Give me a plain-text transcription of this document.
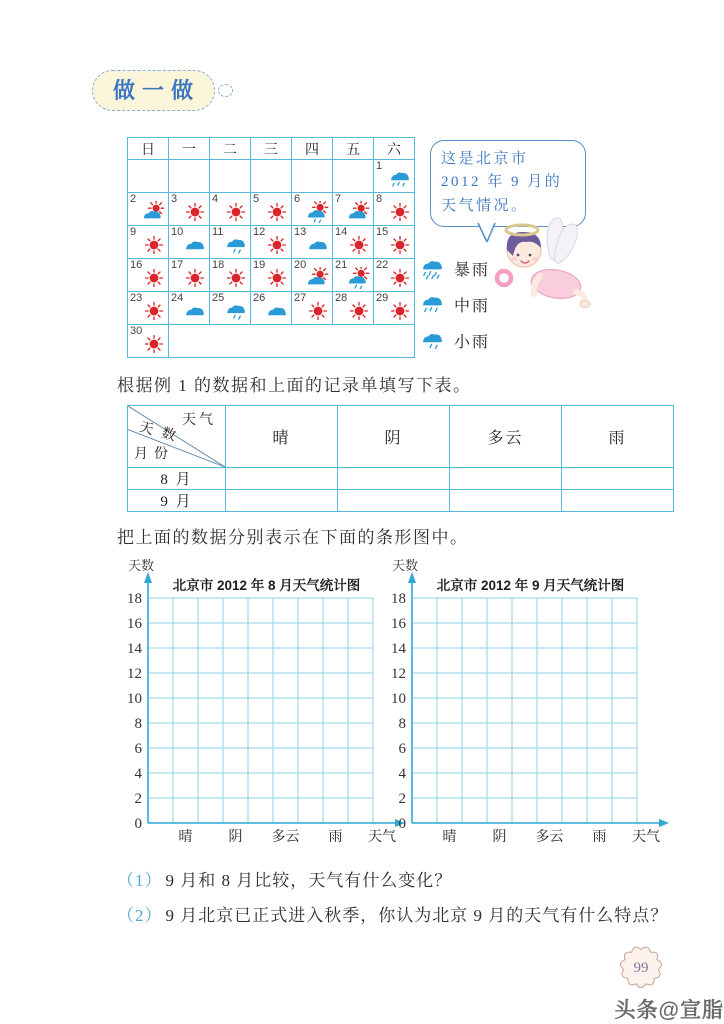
做一做
日	一	二	三	四	五	六

						1

2	3	4	5	6	7	8

9	10	11	12	13	14	15

16	17	18	19	20	21	22

23	24	25	26	27	28	29

30						

这是北京市
2012 年 9 月的
天气情况。
暴雨
中雨
小雨

根据例 1 的数据和上面的记录单填写下表。

天气
天数
月份	晴	阴	多云	雨
8 月				
9 月				

把上面的数据分别表示在下面的条形图中。

天数
北京市 2012 年 8 月天气统计图
18
16
14
12
10
8
6
4
2
0
晴	阴 多云 雨 天气
天数
北京市 2012 年 9 月天气统计图
18
16
14
12
10
8
6
4
2
0
晴	阴 多云 雨 天气
（1） 9 月和 8 月比较，天气有什么变化？
（2） 9 月北京已正式进入秋季，你认为北京 9 月的天气有什么特点？
99
头条@宣脂
